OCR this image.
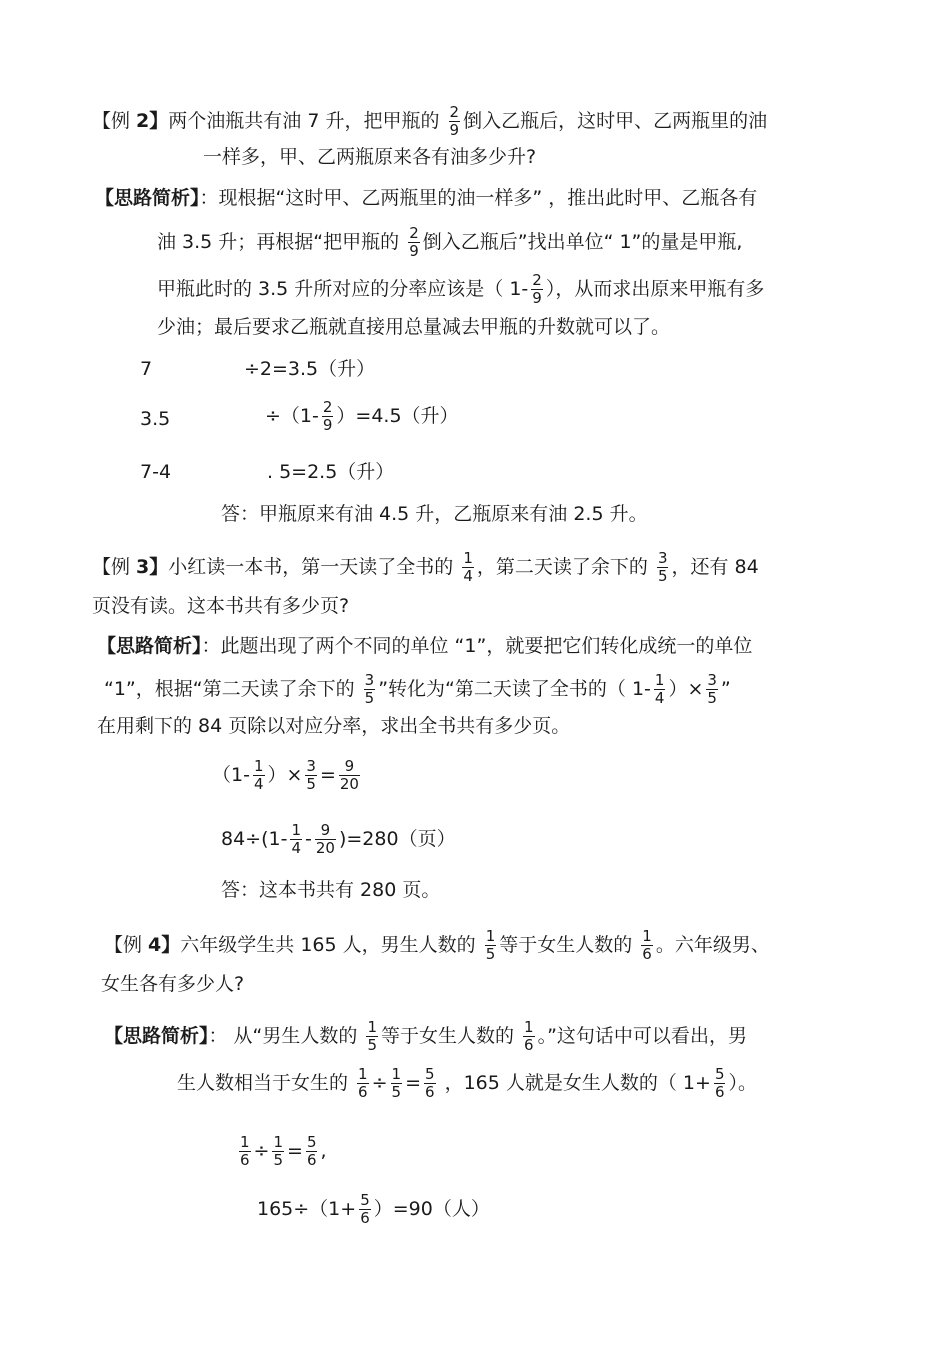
【例 2】两个油瓶共有油 7 升，把甲瓶的 $\frac{2}{9}$ 倒入乙瓶后，这时甲、乙两瓶里的油
一样多，甲、乙两瓶原来各有油多少升?
【思路简析】：现根据“这时甲、乙两瓶里的油一样多” ，推出此时甲、乙瓶各有
油 3.5 升；再根据“把甲瓶的 $\frac{2}{9}$ 倒入乙瓶后”找出单位“ 1”的量是甲瓶,
甲瓶此时的 3.5 升所对应的分率应该是（ $1- \frac{2}{9}$ ），从而求出原来甲瓶有多
少油；最后要求乙瓶就直接用总量减去甲瓶的升数就可以了。
7	÷2=3.5（升）
3.5	$\div(1- \frac{2}{9} )=4.5$（升）
7-4	. 5=2.5（升）
答：甲瓶原来有油 4.5 升，乙瓶原来有油 2.5 升。
【例 3】小红读一本书，第一天读了全书的 $\frac{1}{4}$ ，第二天读了余下的 $\frac{3}{5}$ ，还有 84
页没有读。这本书共有多少页?
【思路简析】：此题出现了两个不同的单位 “1”，就要把它们转化成统一的单位
“1”，根据“第二天读了余下的 $\frac{3}{5}$ ”转化为“第二天读了全书的（ $1- \frac{1}{4}$ ）× $\frac{3}{5}$ ”
在用剩下的 84 页除以对应分率，求出全书共有多少页。
（$1- \frac{1}{4}$ ）× $\frac{3}{5} = \frac{9}{20}$
$84\div(1- \frac{1}{4} - \frac{9}{20} )=280$（页）
答：这本书共有 280 页。
【例 4】六年级学生共 165 人，男生人数的 $\frac{1}{5}$ 等于女生人数的 $\frac{1}{6}$ 。六年级男、
女生各有多少人?
【思路简析】： 从“男生人数的 $\frac{1}{5}$ 等于女生人数的 $\frac{1}{6}$ 。”这句话中可以看出，男
生人数相当于女生的 $\frac{1}{6} \div \frac{1}{5} = \frac{5}{6}$ ，165 人就是女生人数的（ $1+ \frac{5}{6}$ ）。
$\frac{1}{6} \div \frac{1}{5} = \frac{5}{6}$ ,
$165\div(1+ \frac{5}{6} )=90$（人）
